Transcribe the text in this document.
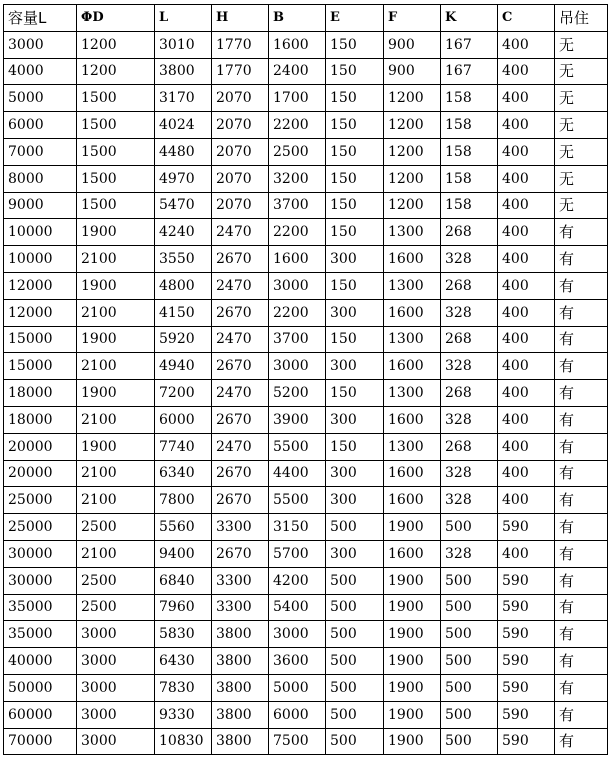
容量L	ΦD	L	H	B	E	F	K	C	吊住
3000	1200	3010	1770	1600	150	900	167	400	无
4000	1200	3800	1770	2400	150	900	167	400	无
5000	1500	3170	2070	1700	150	1200	158	400	无
6000	1500	4024	2070	2200	150	1200	158	400	无
7000	1500	4480	2070	2500	150	1200	158	400	无
8000	1500	4970	2070	3200	150	1200	158	400	无
9000	1500	5470	2070	3700	150	1200	158	400	无
10000	1900	4240	2470	2200	150	1300	268	400	有
10000	2100	3550	2670	1600	300	1600	328	400	有
12000	1900	4800	2470	3000	150	1300	268	400	有
12000	2100	4150	2670	2200	300	1600	328	400	有
15000	1900	5920	2470	3700	150	1300	268	400	有
15000	2100	4940	2670	3000	300	1600	328	400	有
18000	1900	7200	2470	5200	150	1300	268	400	有
18000	2100	6000	2670	3900	300	1600	328	400	有
20000	1900	7740	2470	5500	150	1300	268	400	有
20000	2100	6340	2670	4400	300	1600	328	400	有
25000	2100	7800	2670	5500	300	1600	328	400	有
25000	2500	5560	3300	3150	500	1900	500	590	有
30000	2100	9400	2670	5700	300	1600	328	400	有
30000	2500	6840	3300	4200	500	1900	500	590	有
35000	2500	7960	3300	5400	500	1900	500	590	有
35000	3000	5830	3800	3000	500	1900	500	590	有
40000	3000	6430	3800	3600	500	1900	500	590	有
50000	3000	7830	3800	5000	500	1900	500	590	有
60000	3000	9330	3800	6000	500	1900	500	590	有
70000	3000	10830	3800	7500	500	1900	500	590	有
